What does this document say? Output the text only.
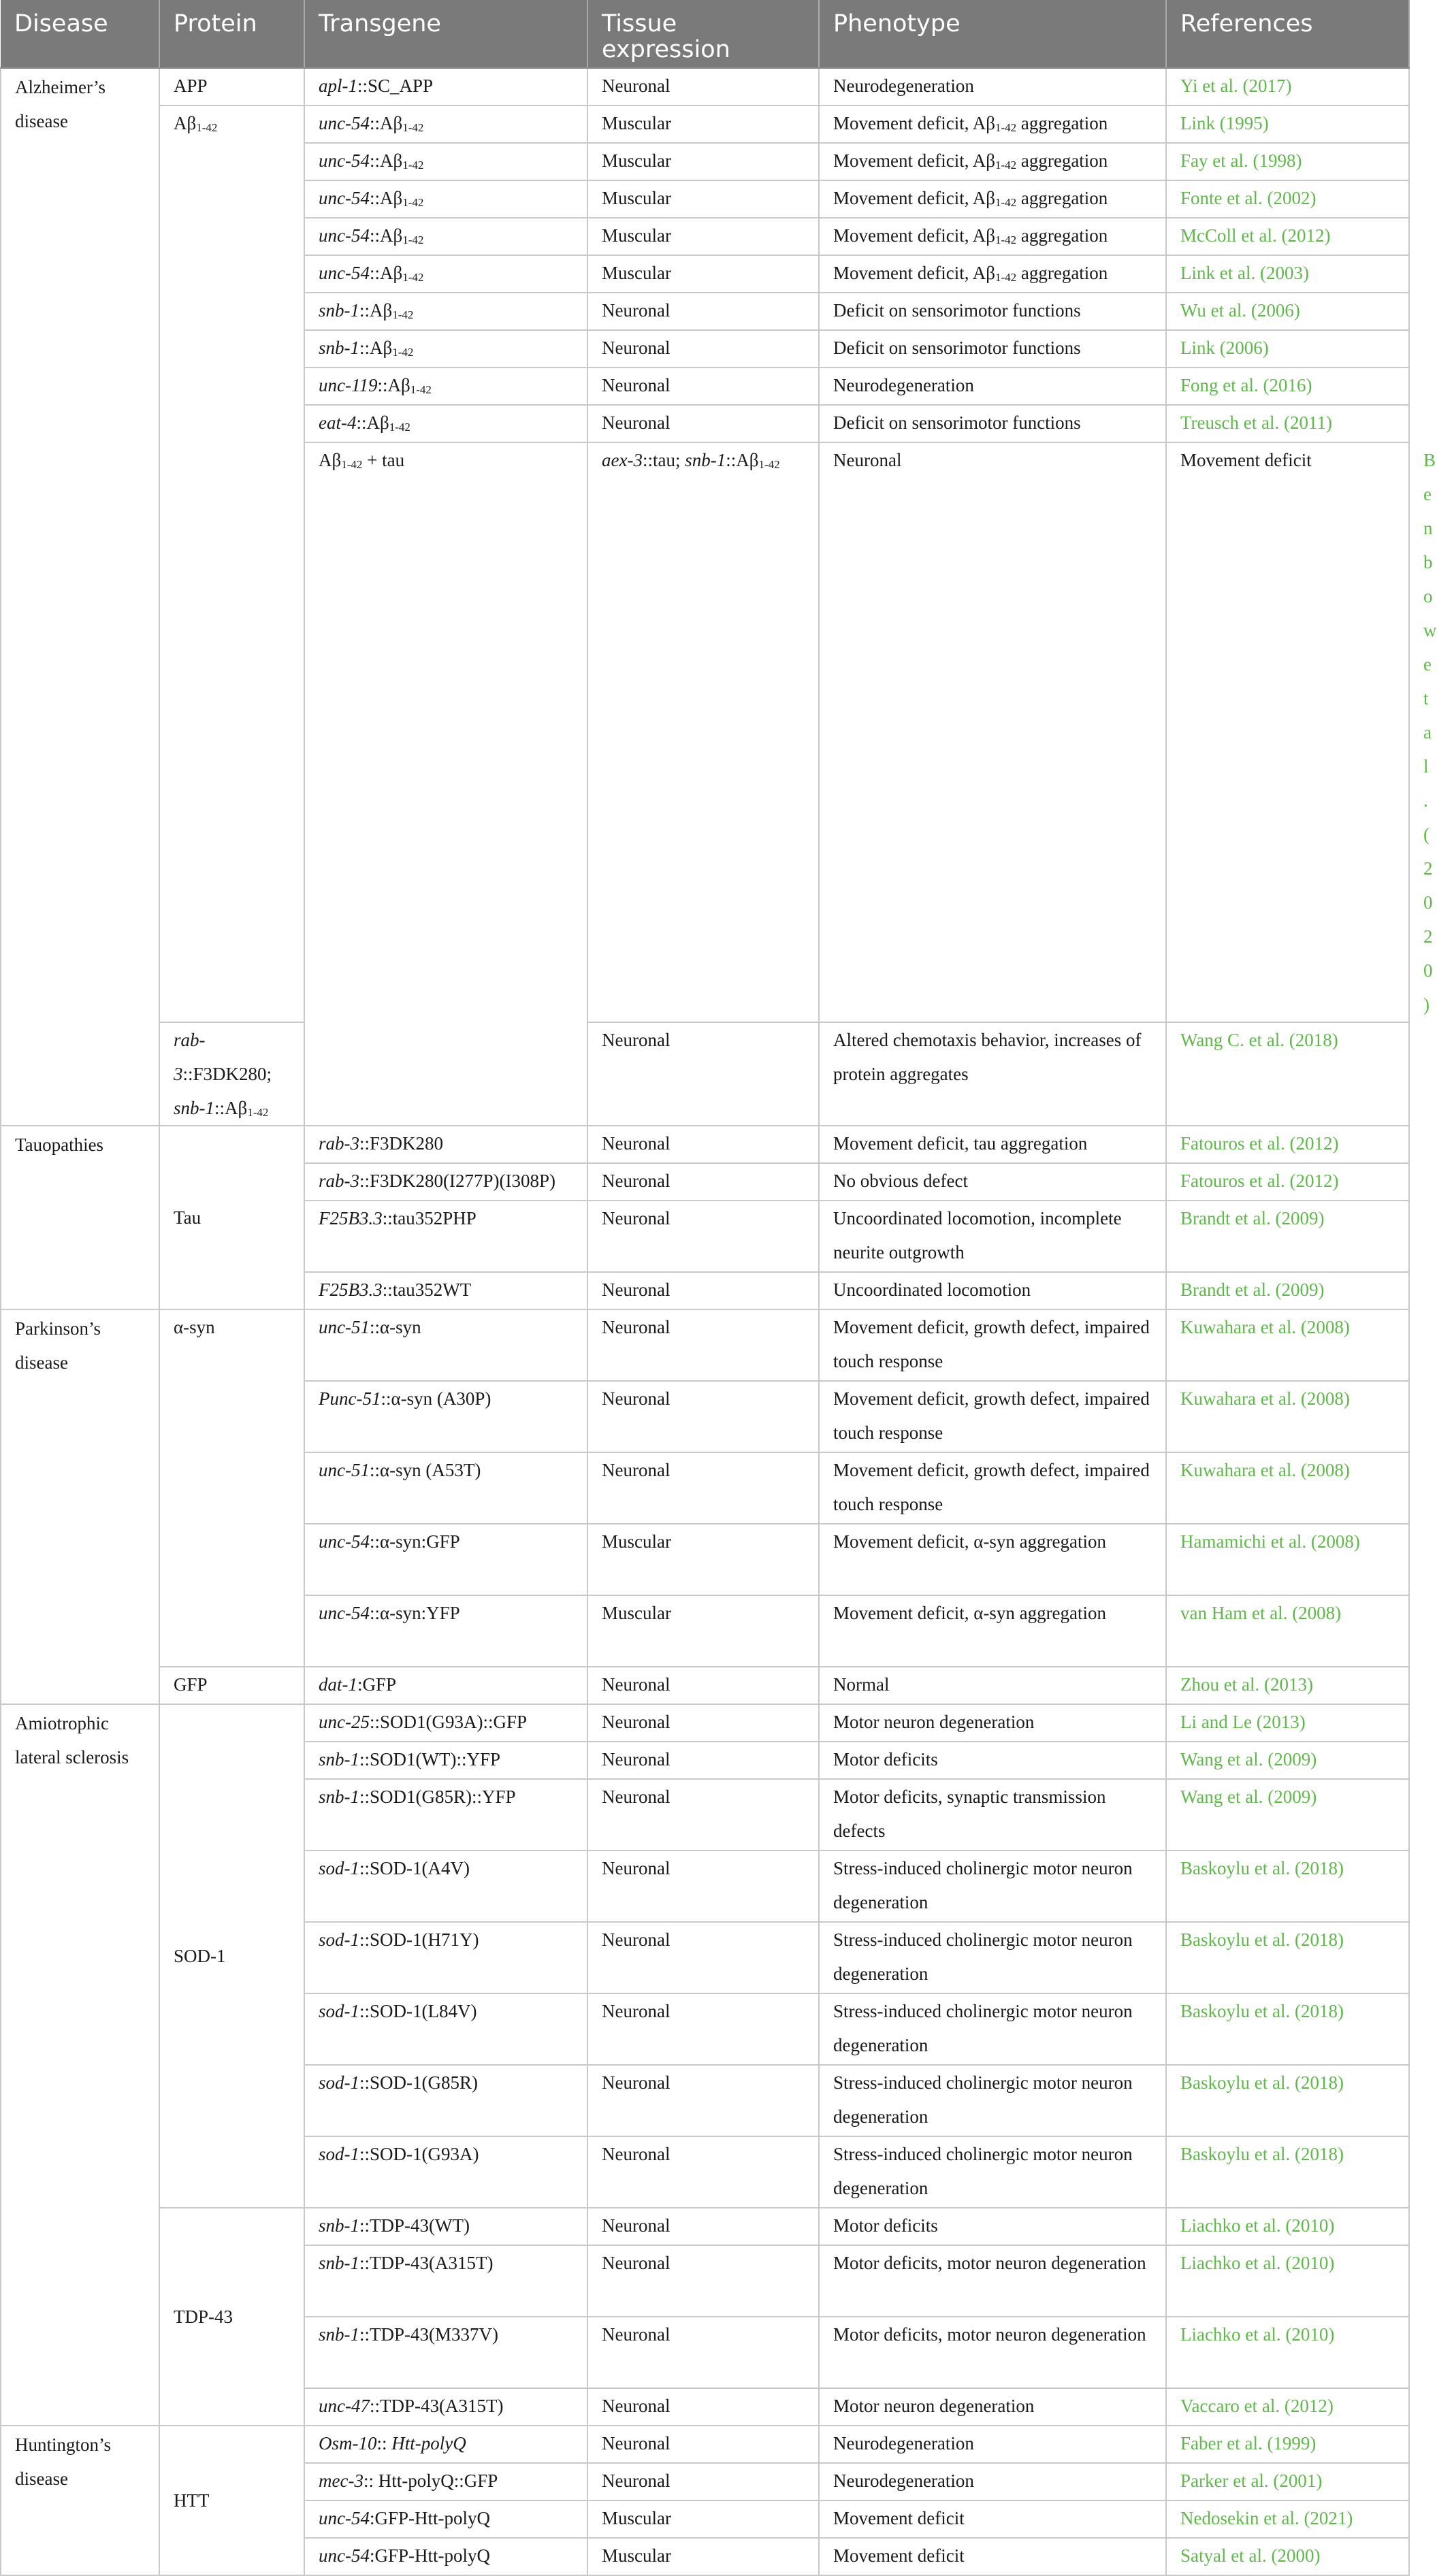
Disease	Protein	Transgene	Tissue expression	Phenotype	References	
Alzheimer’s disease	APP	apl-1::SC_APP	Neuronal	Neurodegeneration	Yi et al. (2017)	
	$A\beta_{1-42}$	unc-$54::A\beta_{1-42}$	Muscular	Movement deficit, $A\beta_{1-42}$ aggregation	Link (1995)	
		unc-$54::A\beta_{1-42}$	Muscular	Movement deficit, $A\beta_{1-42}$ aggregation	Fay et al. (1998)	
		unc-$54::A\beta_{1-42}$	Muscular	Movement deficit, $A\beta_{1-42}$ aggregation	Fonte et al. (2002)	
		unc-$54::A\beta_{1-42}$	Muscular	Movement deficit, $A\beta_{1-42}$ aggregation	McColl et al. (2012)	
		unc-$54::A\beta_{1-42}$	Muscular	Movement deficit, $A\beta_{1-42}$ aggregation	Link et al. (2003)	
		snb-$1::A\beta_{1-42}$	Neuronal	Deficit on sensorimotor functions	Wu et al. (2006)	
		snb-$1::A\beta_{1-42}$	Neuronal	Deficit on sensorimotor functions	Link (2006)	
		unc-$119::A\beta_{1-42}$	Neuronal	Neurodegeneration	Fong et al. (2016)	
		eat-$4::A\beta_{1-42}$	Neuronal	Deficit on sensorimotor functions	Treusch et al. (2011)	
		$A\beta_{1-42}$ + tau	aex-3::tau; snb-$1::A\beta_{1-42}$	Neuronal	Movement deficit	Benbow et al. (2020)
	rab-3::F3DK280; snb-$1::A\beta_{1-42}$		Neuronal	Altered chemotaxis behavior, increases of protein aggregates	Wang C. et al. (2018)	
Tauopathies	Tau	rab-3::F3DK280	Neuronal	Movement deficit, tau aggregation	Fatouros et al. (2012)	
		rab-3::F3DK280(I277P)(I308P)	Neuronal	No obvious defect	Fatouros et al. (2012)	
		F25B3.3::tau352PHP	Neuronal	Uncoordinated locomotion, incomplete neurite outgrowth	Brandt et al. (2009)	
		F25B3.3::tau352WT	Neuronal	Uncoordinated locomotion	Brandt et al. (2009)	
Parkinson’s disease	α-syn	unc-51::α-syn	Neuronal	Movement deficit, growth defect, impaired touch response	Kuwahara et al. (2008)	
		Punc-51::α-syn (A30P)	Neuronal	Movement deficit, growth defect, impaired touch response	Kuwahara et al. (2008)	
		unc-51::α-syn (A53T)	Neuronal	Movement deficit, growth defect, impaired touch response	Kuwahara et al. (2008)	
		unc-54::α-syn:GFP	Muscular	Movement deficit, α-syn aggregation	Hamamichi et al. (2008)	
		unc-54::α-syn:YFP	Muscular	Movement deficit, α-syn aggregation	van Ham et al. (2008)	
	GFP	dat-1:GFP	Neuronal	Normal	Zhou et al. (2013)	
Amiotrophic lateral sclerosis	SOD-1	unc-25::SOD1(G93A)::GFP	Neuronal	Motor neuron degeneration	Li and Le (2013)	
		snb-1::SOD1(WT)::YFP	Neuronal	Motor deficits	Wang et al. (2009)	
		snb-1::SOD1(G85R)::YFP	Neuronal	Motor deficits, synaptic transmission defects	Wang et al. (2009)	
		sod-1::SOD-1(A4V)	Neuronal	Stress-induced cholinergic motor neuron degeneration	Baskoylu et al. (2018)	
		sod-1::SOD-1(H71Y)	Neuronal	Stress-induced cholinergic motor neuron degeneration	Baskoylu et al. (2018)	
		sod-1::SOD-1(L84V)	Neuronal	Stress-induced cholinergic motor neuron degeneration	Baskoylu et al. (2018)	
		sod-1::SOD-1(G85R)	Neuronal	Stress-induced cholinergic motor neuron degeneration	Baskoylu et al. (2018)	
		sod-1::SOD-1(G93A)	Neuronal	Stress-induced cholinergic motor neuron degeneration	Baskoylu et al. (2018)	
	TDP-43	snb-1::TDP-43(WT)	Neuronal	Motor deficits	Liachko et al. (2010)	
		snb-1::TDP-43(A315T)	Neuronal	Motor deficits, motor neuron degeneration	Liachko et al. (2010)	
		snb-1::TDP-43(M337V)	Neuronal	Motor deficits, motor neuron degeneration	Liachko et al. (2010)	
		unc-47::TDP-43(A315T)	Neuronal	Motor neuron degeneration	Vaccaro et al. (2012)	
Huntington’s disease	HTT	Osm-10:: Htt-polyQ	Neuronal	Neurodegeneration	Faber et al. (1999)	
		mec-3:: Htt-polyQ::GFP	Neuronal	Neurodegeneration	Parker et al. (2001)	
		unc-54:GFP-Htt-polyQ	Muscular	Movement deficit	Nedosekin et al. (2021)	
		unc-54:GFP-Htt-polyQ	Muscular	Movement deficit	Satyal et al. (2000)	
